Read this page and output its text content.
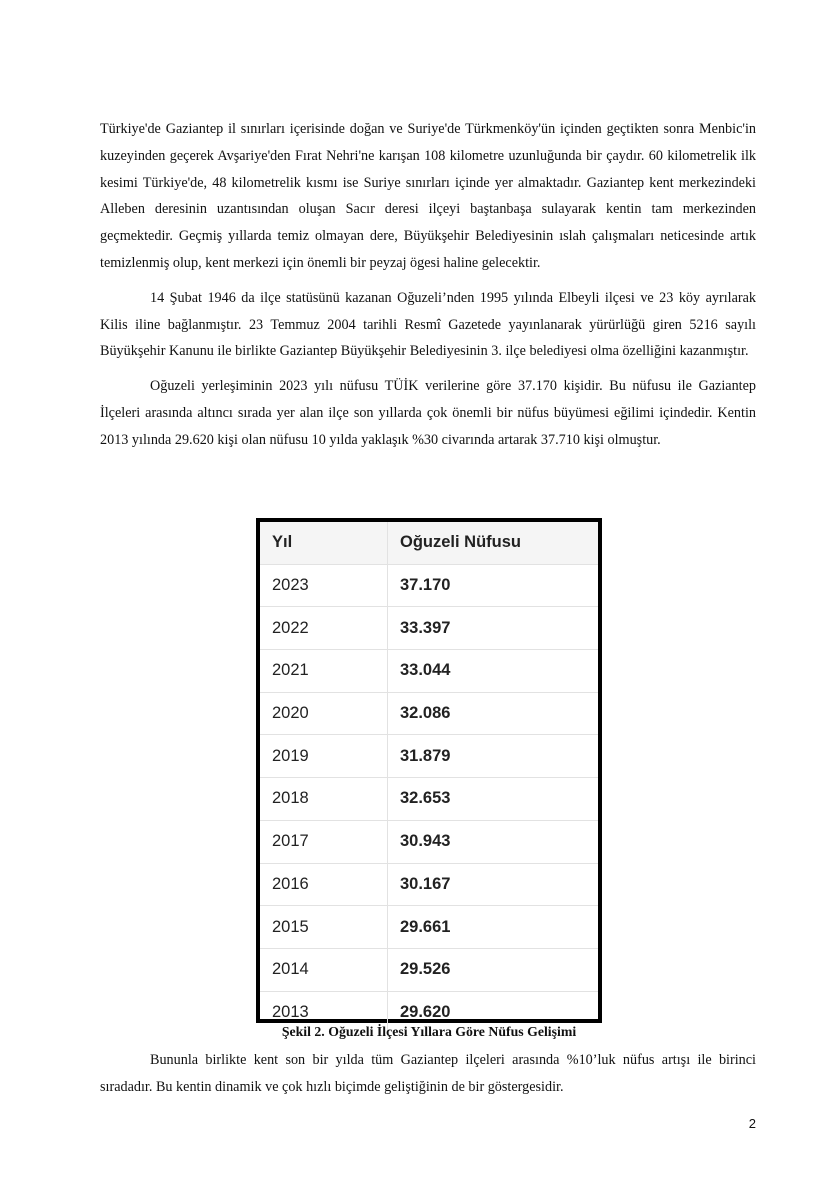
Türkiye'de Gaziantep il sınırları içerisinde doğan ve Suriye'de Türkmenköy'ün içinden geçtikten sonra Menbic'in kuzeyinden geçerek Avşariye'den Fırat Nehri'ne karışan 108 kilometre uzunluğunda bir çaydır. 60 kilometrelik ilk kesimi Türkiye'de, 48 kilometrelik kısmı ise Suriye sınırları içinde yer almaktadır. Gaziantep kent merkezindeki Alleben deresinin uzantısından oluşan Sacır deresi ilçeyi baştanbaşa sulayarak kentin tam merkezinden geçmektedir. Geçmiş yıllarda temiz olmayan dere, Büyükşehir Belediyesinin ıslah çalışmaları neticesinde artık temizlenmiş olup, kent merkezi için önemli bir peyzaj ögesi haline gelecektir.

14 Şubat 1946 da ilçe statüsünü kazanan Oğuzeli’nden 1995 yılında Elbeyli ilçesi ve 23 köy ayrılarak Kilis iline bağlanmıştır. 23 Temmuz 2004 tarihli Resmî Gazetede yayınlanarak yürürlüğü giren 5216 sayılı Büyükşehir Kanunu ile birlikte Gaziantep Büyükşehir Belediyesinin 3. ilçe belediyesi olma özelliğini kazanmıştır.

Oğuzeli yerleşiminin 2023 yılı nüfusu TÜİK verilerine göre 37.170 kişidir. Bu nüfusu ile Gaziantep İlçeleri arasında altıncı sırada yer alan ilçe son yıllarda çok önemli bir nüfus büyümesi eğilimi içindedir. Kentin 2013 yılında 29.620 kişi olan nüfusu 10 yılda yaklaşık %30 civarında artarak 37.710 kişi olmuştur.

Yıl	Oğuzeli Nüfusu
2023	37.170
2022	33.397
2021	33.044
2020	32.086
2019	31.879
2018	32.653
2017	30.943
2016	30.167
2015	29.661
2014	29.526
2013	29.620
Şekil 2. Oğuzeli İlçesi Yıllara Göre Nüfus Gelişimi

Bununla birlikte kent son bir yılda tüm Gaziantep ilçeleri arasında %10’luk nüfus artışı ile birinci sıradadır. Bu kentin dinamik ve çok hızlı biçimde geliştiğinin de bir göstergesidir.

2
